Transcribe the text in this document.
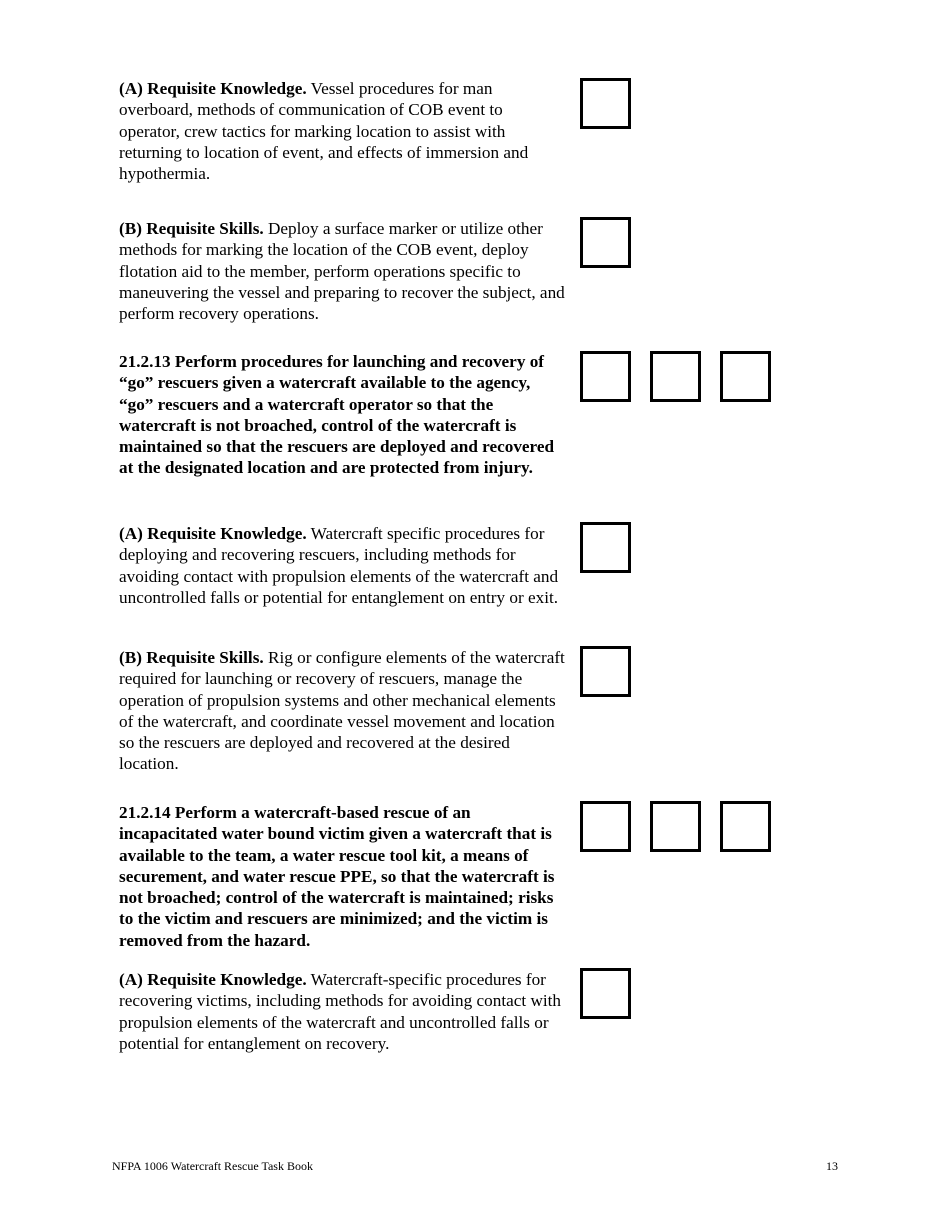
(A) Requisite Knowledge. Vessel procedures for man overboard, methods of communication of COB event to operator, crew tactics for marking location to assist with returning to location of event, and effects of immersion and hypothermia.

(B) Requisite Skills. Deploy a surface marker or utilize other methods for marking the location of the COB event, deploy flotation aid to the member, perform operations specific to maneuvering the vessel and preparing to recover the subject, and perform recovery operations.

21.2.13 Perform procedures for launching and recovery of “go” rescuers given a watercraft available to the agency, “go” rescuers and a watercraft operator so that the watercraft is not broached, control of the watercraft is maintained so that the rescuers are deployed and recovered at the designated location and are protected from injury.

(A) Requisite Knowledge. Watercraft specific procedures for deploying and recovering rescuers, including methods for avoiding contact with propulsion elements of the watercraft and uncontrolled falls or potential for entanglement on entry or exit.

(B) Requisite Skills. Rig or configure elements of the watercraft required for launching or recovery of rescuers, manage the operation of propulsion systems and other mechanical elements of the watercraft, and coordinate vessel movement and location so the rescuers are deployed and recovered at the desired location.

21.2.14 Perform a watercraft-based rescue of an incapacitated water bound victim given a watercraft that is available to the team, a water rescue tool kit, a means of securement, and water rescue PPE, so that the watercraft is not broached; control of the watercraft is maintained; risks to the victim and rescuers are minimized; and the victim is removed from the hazard.

(A) Requisite Knowledge. Watercraft-specific procedures for recovering victims, including methods for avoiding contact with propulsion elements of the watercraft and uncontrolled falls or potential for entanglement on recovery.

NFPA 1006 Watercraft Rescue Task Book	13
